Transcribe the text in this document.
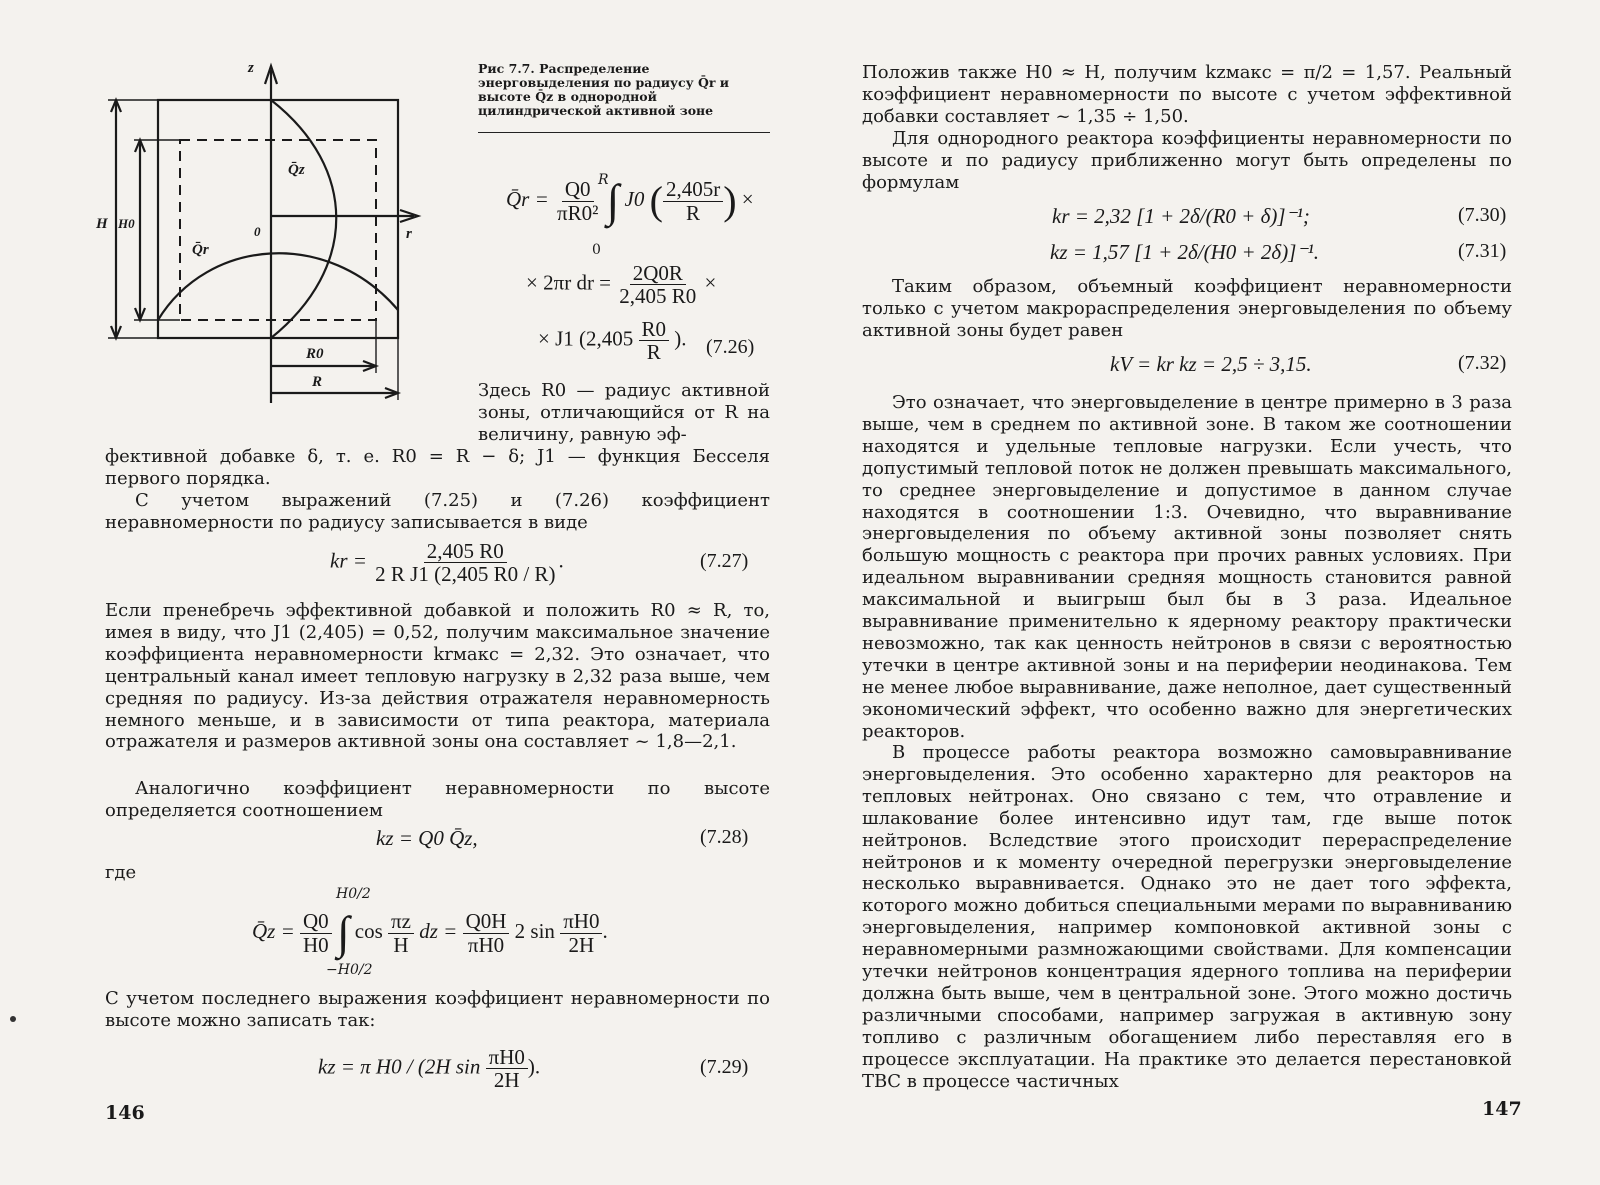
z
r
H H0
0
Q̄z
Q̄r
R0
R
Рис 7.7. Распределение энерговыделения по радиусу Q̄r и высоте Q̄z в однородной цилиндрической активной зоне
Q̄r = $\frac{Q0}{\text{πR0²}}$ ∫ J0 ( $\frac{2,405r}{R}$ ) ×
R
0
× 2πr dr = $\frac{2Q0R}{2,405 R0}$ ×
× J1 ($2,405 \frac{R0}{R}$ ). (7.26)

Здесь R0 — радиус активной зоны, отличающийся от R на величину, равную эф-

фективной добавке δ, т. е. R0 = R − δ; J1 — функция Бесселя первого порядка.

С учетом выражений (7.25) и (7.26) коэффициент неравномерности по радиусу записывается в виде

kr = $\frac{2,405 R0}{\text{2 R J1 (2,405 R0 / R)}}$ .	(7.27)

Если пренебречь эффективной добавкой и положить R0 ≈ R, то, имея в виду, что J1 (2,405) = 0,52, получим максимальное значение коэффициента неравномерности krмакс = 2,32. Это означает, что центральный канал имеет тепловую нагрузку в 2,32 раза выше, чем средняя по радиусу. Из-за действия отражателя неравномерность немного меньше, и в зависимости от типа реактора, материала отражателя и размеров активной зоны она составляет ~ 1,8—2,1.

Аналогично коэффициент неравномерности по высоте определяется соотношением

kz = Q0 Q̄z,	(7.28)
где
H0/2
Q̄z = $\frac{Q0}{H0}$ ∫ $\cos \frac{\pi z}{H}$ dz = $\frac{Q0H}{\pi H0} 2$ $\sin \frac{\pi H0}{2H}$ .
−H0/2

С учетом последнего выражения коэффициент неравномерности по высоте можно записать так:

kz = π H0 / (2H $\sin \frac{\pi H0}{2H}$ ).	(7.29)
146

Положив также H0 ≈ H, получим kzмакс = π/2 = 1,57. Реальный коэффициент неравномерности по высоте с учетом эффективной добавки составляет ~ 1,35 ÷ 1,50.

Для однородного реактора коэффициенты неравномерности по высоте и по радиусу приближенно могут быть определены по формулам

kr = 2,32 [1 + 2δ/(R0 + δ)]⁻¹;	(7.30)
kz = 1,57 [1 + 2δ/(H0 + 2δ)]⁻¹.	(7.31)

Таким образом, объемный коэффициент неравномерности только с учетом макрораспределения энерговыделения по объему активной зоны будет равен

kV = kr kz = 2,5 ÷ 3,15.	(7.32)

Это означает, что энерговыделение в центре примерно в 3 раза выше, чем в среднем по активной зоне. В таком же соотношении находятся и удельные тепловые нагрузки. Если учесть, что допустимый тепловой поток не должен превышать максимального, то среднее энерговыделение и допустимое в данном случае находятся в соотношении 1:3. Очевидно, что выравнивание энерговыделения по объему активной зоны позволяет снять большую мощность с реактора при прочих равных условиях. При идеальном выравнивании средняя мощность становится равной максимальной и выигрыш был бы в 3 раза. Идеальное выравнивание применительно к ядерному реактору практически невозможно, так как ценность нейтронов в связи с вероятностью утечки в центре активной зоны и на периферии неодинакова. Тем не менее любое выравнивание, даже неполное, дает существенный экономический эффект, что особенно важно для энергетических реакторов.

В процессе работы реактора возможно самовыравнивание энерговыделения. Это особенно характерно для реакторов на тепловых нейтронах. Оно связано с тем, что отравление и шлакование более интенсивно идут там, где выше поток нейтронов. Вследствие этого происходит перераспределение нейтронов и к моменту очередной перегрузки энерговыделение несколько выравнивается. Однако это не дает того эффекта, которого можно добиться специальными мерами по выравниванию энерговыделения, например компоновкой активной зоны с неравномерными размножающими свойствами. Для компенсации утечки нейтронов концентрация ядерного топлива на периферии должна быть выше, чем в центральной зоне. Этого можно достичь различными способами, например загружая в активную зону топливо с различным обогащением либо переставляя его в процессе эксплуатации. На практике это делается перестановкой ТВС в процессе частичных

147
